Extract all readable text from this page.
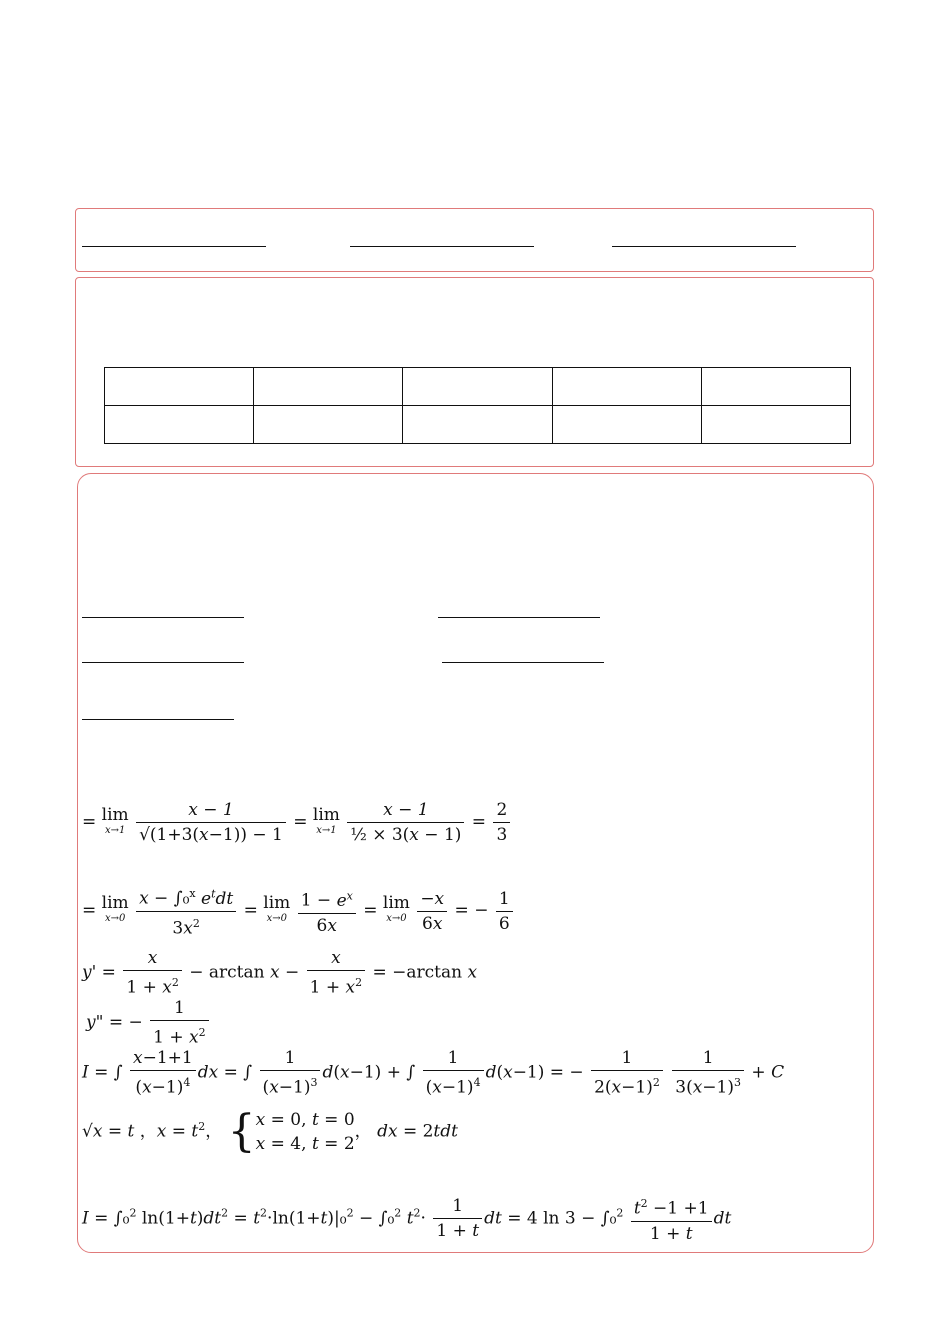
= lim
x→1
$\frac{x - 1}{√(1+3(x-1)) - 1} = \lim$
x→1
$\frac{x - 1}{\text{½ × 3(x − 1)}} = \frac{2}{3}$
= lim
x→0
$\frac{x - \int_0^x e^tdt}{3x^2} = \lim$
x→0
$\frac{1 - e^x}{6x} = \lim$
x→0
$\frac{-x}{6x}$ = − $\frac{1}{6}$
$y' = \frac{x}{1 + x^2} - \arctan x - \frac{x}{1 + x^2} = -\arctan$ x
y" = − $\frac{1}{1 + x^2}$
I = ∫ $\frac{x-1+1}{(x-1)^4}$ dx = ∫ $\frac{1}{(x-1)^3} d(x-1)$ + ∫ $\frac{1}{(x-1)^4} d(x-1)$ = − $\frac{1}{2(x-1)^2}$
$\frac{1}{3(x-1)^3} + C$
√x = t ，$x = t^2$， { x = 0, t = 0
x = 4, t = 2
， dx = 2tdt
I = ∫₀$^2$ $\ln(1+t)dt^2 = t^2\cdot\ln(1+t)|_0^2 - \int_0^2$ $t^2\cdot \frac{1}{1 + t}$ dt = 4 $\ln 3 - \int_0^2 \frac{t^2 -1 +1}{1 + t}$ dt
